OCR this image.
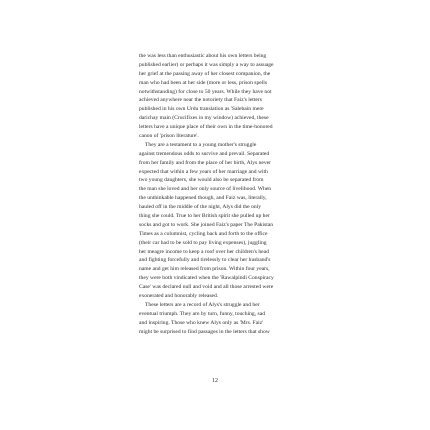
the was less than enthusiastic about his own letters being
published earlier) or perhaps it was simply a way to assuage
her grief at the passing away of her closest companion, the
man who had been at her side (more or less, prison spells
notwithstanding) for close to 50 years. While they have not
achieved anywhere near the notoriety that Faiz's letters
published in his own Urdu translation as 'Salebain mere
darichay main (Crucifixes in my window) achieved, these
letters have a unique place of their own in the time-honored
canon of 'prison literature'.
They are a testament to a young mother's struggle
against tremendous odds to survive and prevail. Separated
from her family and from the place of her birth, Alys never
expected that within a few years of her marriage and with
two young daughters, she would also be separated from
the man she loved and her only source of livelihood. When
the unthinkable happened though, and Faiz was, literally,
hauled off in the middle of the night, Alys did the only
thing she could. True to her British spirit she pulled up her
socks and got to work. She joined Faiz's paper The Pakistan
Times as a columnist, cycling back and forth to the office
(their car had to be sold to pay living expenses), juggling
her meagre income to keep a roof over her children's head
and fighting forcefully and tirelessly to clear her husband's
name and get him released from prison. Within four years,
they were both vindicated when the 'Rawalpindi Conspiracy
Case' was declared null and void and all those arrested were
exonerated and honorably released.
These letters are a record of Alys's struggle and her
eventual triumph. They are by turn, funny, touching, sad
and inspiring. Those who knew Alys only as 'Mrs. Faiz'
might be surprised to find passages in the letters that show
12
